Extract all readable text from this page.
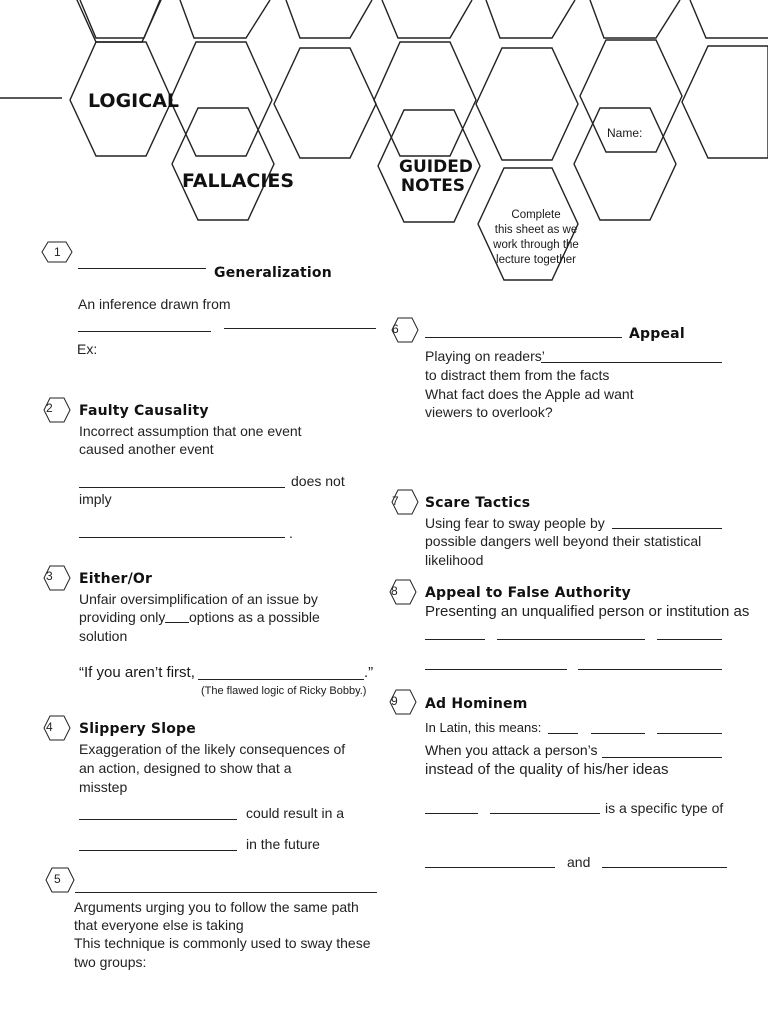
LOGICAL
FALLACIES
GUIDED
NOTES
Name:
Complete
this sheet as we
work through the
lecture together
1
Generalization
An inference drawn from
Ex:
2 Faulty Causality
Incorrect assumption that one event
caused another event
does not
imply
.
3 Either/Or
Unfair oversimplification of an issue by
providing only options as a possible
solution
“If you aren’t first,	.”
(The flawed logic of Ricky Bobby.)
4 Slippery Slope
Exaggeration of the likely consequences of
an action, designed to show that a
misstep
could result in a
in the future
5
Arguments urging you to follow the same path
that everyone else is taking
This technique is commonly used to sway these
two groups:
6	Appeal
Playing on readers’
to distract them from the facts
What fact does the Apple ad want
viewers to overlook?
7 Scare Tactics
Using fear to sway people by
possible dangers well beyond their statistical
likelihood
8 Appeal to False Authority
Presenting an unqualified person or institution as
9 Ad Hominem
In Latin, this means:
When you attack a person’s
instead of the quality of his/her ideas
is a specific type of
and
